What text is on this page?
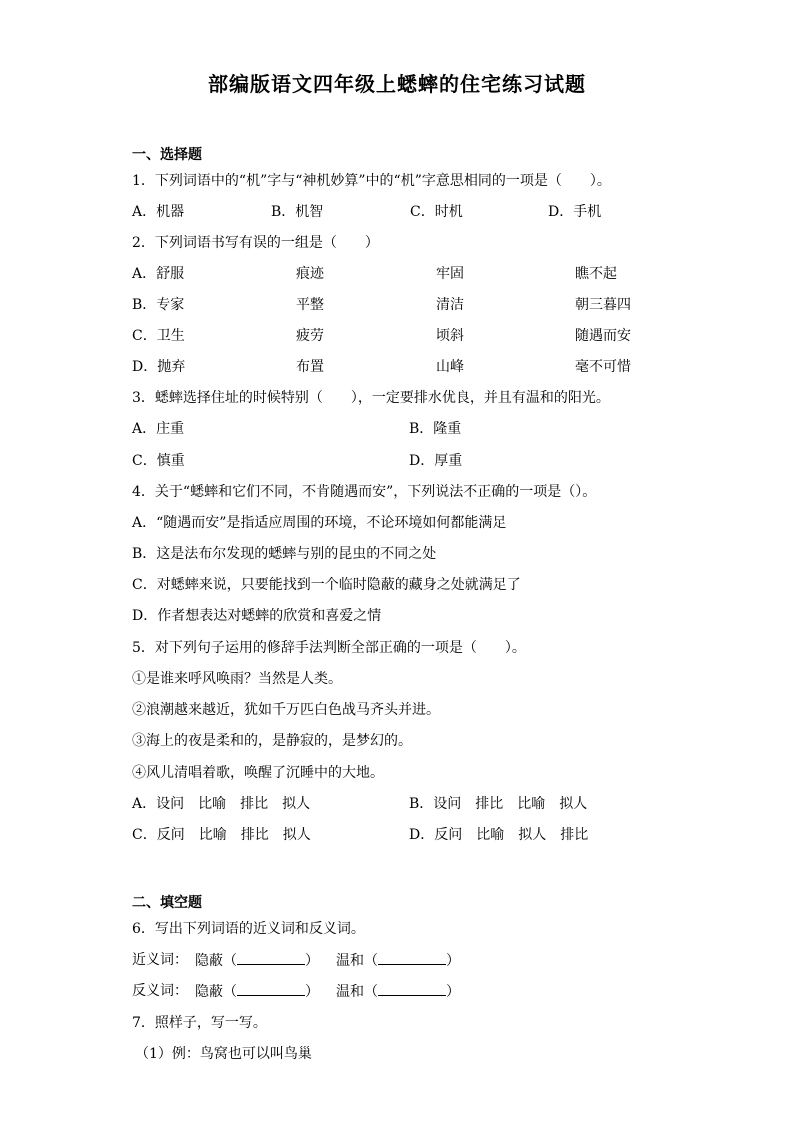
部编版语文四年级上蟋蟀的住宅练习试题
一、选择题
1．下列词语中的“机”字与“神机妙算”中的“机”字意思相同的一项是（　　）。
A．机器	B．机智	C．时机	D．手机
2．下列词语书写有误的一组是（　　）
A．舒服	痕迹	牢固	瞧不起
B．专家	平整	清洁	朝三暮四
C．卫生	疲劳	顷斜	随遇而安
D．抛弃	布置	山峰	毫不可惜
3．蟋蟀选择住址的时候特别（　　），一定要排水优良，并且有温和的阳光。
A．庄重	B．隆重
C．慎重	D．厚重
4．关于“蟋蟀和它们不同，不肯随遇而安”，下列说法不正确的一项是（）。
A．“随遇而安”是指适应周围的环境，不论环境如何都能满足
B．这是法布尔发现的蟋蟀与别的昆虫的不同之处
C．对蟋蟀来说，只要能找到一个临时隐蔽的藏身之处就满足了
D．作者想表达对蟋蟀的欣赏和喜爱之情
5．对下列句子运用的修辞手法判断全部正确的一项是（　　）。
①是谁来呼风唤雨？当然是人类。
②浪潮越来越近，犹如千万匹白色战马齐头并进。
③海上的夜是柔和的，是静寂的，是梦幻的。
④风儿清唱着歌，唤醒了沉睡中的大地。
A．设问　比喻　排比　拟人	B．设问　排比　比喻　拟人
C．反问　比喻　排比　拟人	D．反问　比喻　拟人　排比
二、填空题
6．写出下列词语的近义词和反义词。
近义词： 隐蔽（	） 温和（	）
反义词： 隐蔽（	） 温和（	）
7．照样子，写一写。
（1）例：鸟窝也可以叫鸟巢
